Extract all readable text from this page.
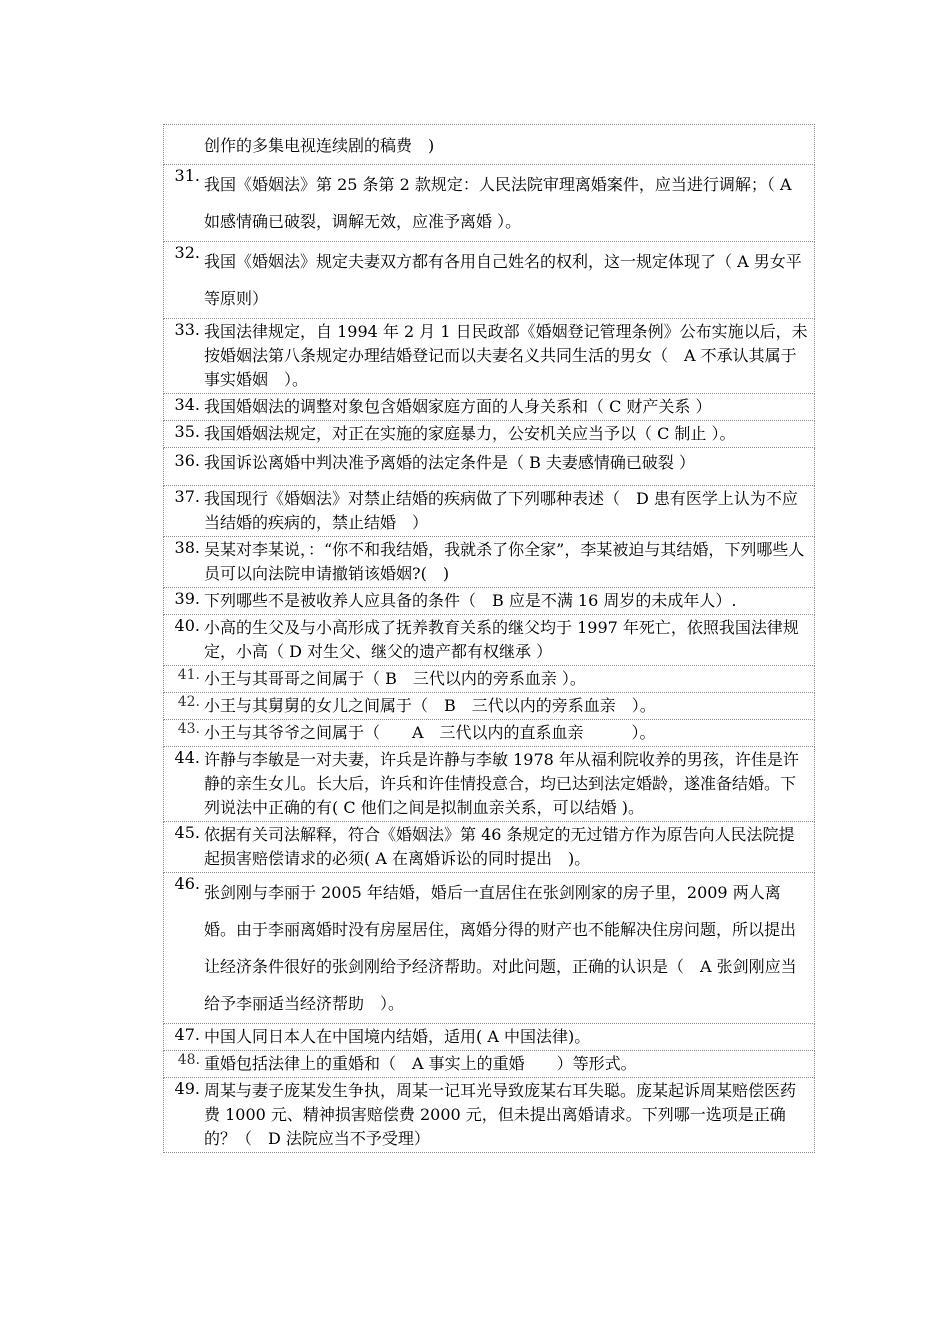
创作的多集电视连续剧的稿费　)

31. 我国《婚姻法》第 25 条第 2 款规定：人民法院审理离婚案件，应当进行调解；（ A 如感情确已破裂，调解无效，应准予离婚 ）。

32. 我国《婚姻法》规定夫妻双方都有各用自己姓名的权利，这一规定体现了（ A 男女平等原则）

33. 我国法律规定，自 1994 年 2 月 1 日民政部《婚姻登记管理条例》公布实施以后，未按婚姻法第八条规定办理结婚登记而以夫妻名义共同生活的男女（　A 不承认其属于事实婚姻　）。

34. 我国婚姻法的调整对象包含婚姻家庭方面的人身关系和（ C 财产关系 ）

35. 我国婚姻法规定，对正在实施的家庭暴力，公安机关应当予以（ C 制止 ）。

36. 我国诉讼离婚中判决准予离婚的法定条件是（ B 夫妻感情确已破裂 ）

37. 我国现行《婚姻法》对禁止结婚的疾病做了下列哪种表述（　D 患有医学上认为不应当结婚的疾病的，禁止结婚　）

38. 吴某对李某说，：“你不和我结婚，我就杀了你全家”，李某被迫与其结婚，下列哪些人员可以向法院申请撤销该婚姻?(　)

39. 下列哪些不是被收养人应具备的条件（　B 应是不满 16 周岁的未成年人）.

40. 小高的生父及与小高形成了抚养教育关系的继父均于 1997 年死亡，依照我国法律规定，小高（ D 对生父、继父的遗产都有权继承 ）

41. 小王与其哥哥之间属于（ B　三代以内的旁系血亲 ）。

42. 小王与其舅舅的女儿之间属于（　B　三代以内的旁系血亲　）。

43. 小王与其爷爷之间属于（　　A　三代以内的直系血亲　　　）。

44. 许静与李敏是一对夫妻，许兵是许静与李敏 1978 年从福利院收养的男孩，许佳是许静的亲生女儿。长大后，许兵和许佳情投意合，均已达到法定婚龄，遂准备结婚。下列说法中正确的有( C 他们之间是拟制血亲关系，可以结婚 )。

45. 依据有关司法解释，符合《婚姻法》第 46 条规定的无过错方作为原告向人民法院提起损害赔偿请求的必须( A 在离婚诉讼的同时提出　)。

46. 张剑刚与李丽于 2005 年结婚，婚后一直居住在张剑刚家的房子里，2009 两人离婚。由于李丽离婚时没有房屋居住，离婚分得的财产也不能解决住房问题，所以提出让经济条件很好的张剑刚给予经济帮助。对此问题，正确的认识是（　A 张剑刚应当给予李丽适当经济帮助　）。

47. 中国人同日本人在中国境内结婚，适用( A 中国法律)。

48. 重婚包括法律上的重婚和（　A 事实上的重婚　　）等形式。

49. 周某与妻子庞某发生争执，周某一记耳光导致庞某右耳失聪。庞某起诉周某赔偿医药费 1000 元、精神损害赔偿费 2000 元，但未提出离婚请求。下列哪一选项是正确的？（　D 法院应当不予受理）
